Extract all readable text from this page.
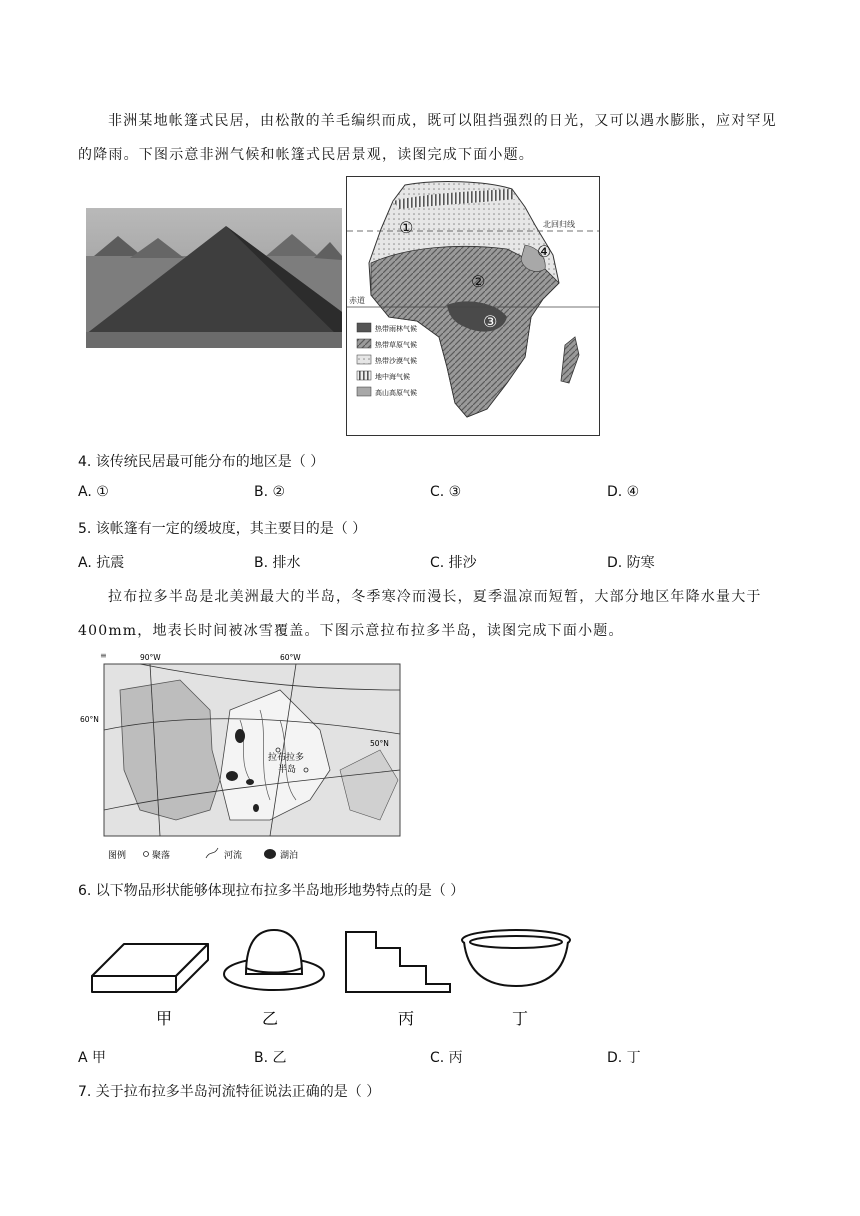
非洲某地帐篷式民居，由松散的羊毛编织而成，既可以阻挡强烈的日光，又可以遇水膨胀，应对罕见的降雨。下图示意非洲气候和帐篷式民居景观，读图完成下面小题。
北回归线
赤道
①
②
③
④
热带雨林气候
热带草原气候
热带沙漠气候
地中海气候
高山高原气候
4. 该传统民居最可能分布的地区是（ ）
A. ①	B. ②	C. ③	D. ④
5. 该帐篷有一定的缓坡度，其主要目的是（ ）
A. 抗震	B. 排水	C. 排沙	D. 防寒
拉布拉多半岛是北美洲最大的半岛，冬季寒冷而漫长，夏季温凉而短暂，大部分地区年降水量大于400mm，地表长时间被冰雪覆盖。下图示意拉布拉多半岛，读图完成下面小题。
≡	90°W	60°W
60°N
50°N
拉布拉多
半岛
图例	聚落	河流	湖泊
6. 以下物品形状能够体现拉布拉多半岛地形地势特点的是（ ）
甲	乙	丙	丁
A 甲	B. 乙	C. 丙	D. 丁
7. 关于拉布拉多半岛河流特征说法正确的是（ ）
